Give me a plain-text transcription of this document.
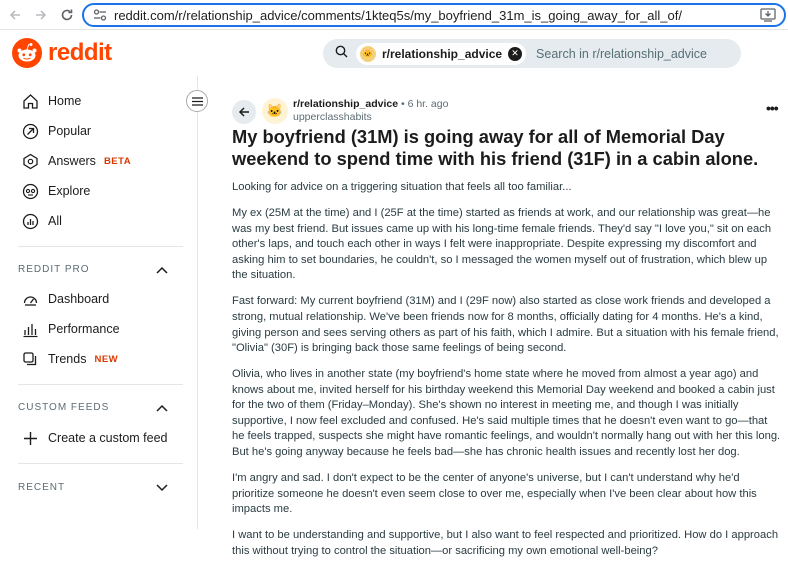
reddit.com/r/relationship_advice/comments/1kteq5s/my_boyfriend_31m_is_going_away_for_all_of/
reddit	🐱 r/relationship_advice	✕ Search in r/relationship_advice
Home
Popular
Answers BETA
Explore
All
REDDIT PRO
Dashboard
Performance
Trends NEW
CUSTOM FEEDS
Create a custom feed
RECENT
🐱 r/relationship_advice • 6 hr. ago
upperclasshabits
•••
My boyfriend (31M) is going away for all of Memorial Day weekend to spend time with his friend (31F) in a cabin alone.

Looking for advice on a triggering situation that feels all too familiar...

My ex (25M at the time) and I (25F at the time) started as friends at work, and our relationship was great—he was my best friend. But issues came up with his long-time female friends. They'd say "I love you," sit on each other's laps, and touch each other in ways I felt were inappropriate. Despite expressing my discomfort and asking him to set boundaries, he couldn't, so I messaged the women myself out of frustration, which blew up the situation.

Fast forward: My current boyfriend (31M) and I (29F now) also started as close work friends and developed a strong, mutual relationship. We've been friends now for 8 months, officially dating for 4 months. He's a kind, giving person and sees serving others as part of his faith, which I admire. But a situation with his female friend, "Olivia" (30F) is bringing back those same feelings of being second.

Olivia, who lives in another state (my boyfriend's home state where he moved from almost a year ago) and knows about me, invited herself for his birthday weekend this Memorial Day weekend and booked a cabin just for the two of them (Friday–Monday). She's shown no interest in meeting me, and though I was initially supportive, I now feel excluded and confused. He's said multiple times that he doesn't even want to go—that he feels trapped, suspects she might have romantic feelings, and wouldn't normally hang out with her this long. But he's going anyway because he feels bad—she has chronic health issues and recently lost her dog.

I'm angry and sad. I don't expect to be the center of anyone's universe, but I can't understand why he'd prioritize someone he doesn't even seem close to over me, especially when I've been clear about how this impacts me.

I want to be understanding and supportive, but I also want to feel respected and prioritized. How do I approach this without trying to control the situation—or sacrificing my own emotional well-being?
